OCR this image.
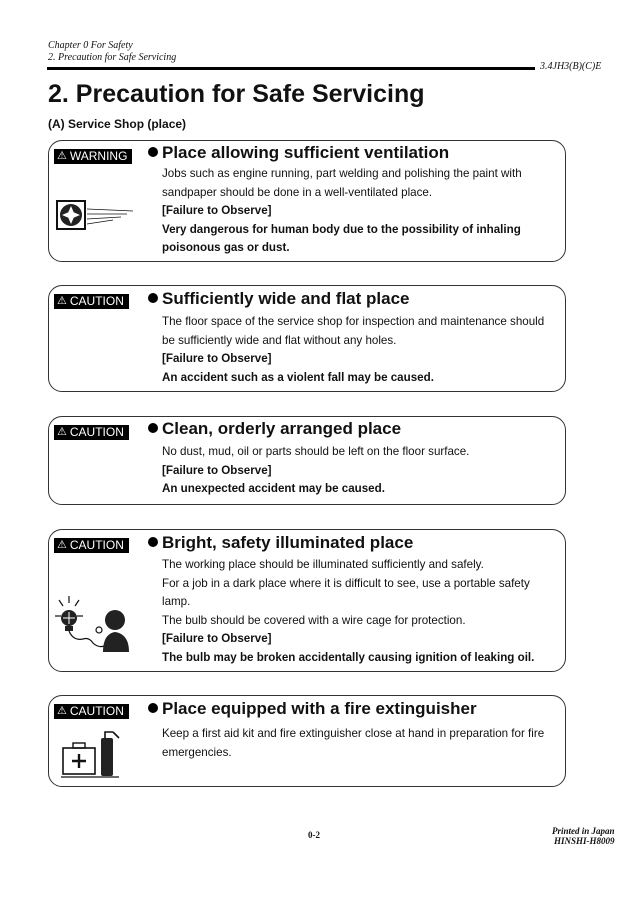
Chapter 0 For Safety
2. Precaution for Safe Servicing
3.4JH3(B)(C)E
2. Precaution for Safe Servicing
(A) Service Shop (place)
⚠ WARNING	Place allowing sufficient ventilation

Jobs such as engine running, part welding and polishing the paint with sandpaper should be done in a well-ventilated place.

[Failure to Observe]

Very dangerous for human body due to the possibility of inhaling poisonous gas or dust.

⚠ CAUTION	Sufficiently wide and flat place

The floor space of the service shop for inspection and maintenance should be sufficiently wide and flat without any holes.

[Failure to Observe]

An accident such as a violent fall may be caused.

⚠ CAUTION	Clean, orderly arranged place

No dust, mud, oil or parts should be left on the floor surface.

[Failure to Observe]

An unexpected accident may be caused.

⚠ CAUTION	Bright, safety illuminated place

The working place should be illuminated sufficiently and safely.

For a job in a dark place where it is difficult to see, use a portable safety lamp.

The bulb should be covered with a wire cage for protection.

[Failure to Observe]

The bulb may be broken accidentally causing ignition of leaking oil.

⚠ CAUTION	Place equipped with a fire extinguisher

Keep a first aid kit and fire extinguisher close at hand in preparation for fire emergencies.

0-2	Printed in Japan
HINSHI-H8009
